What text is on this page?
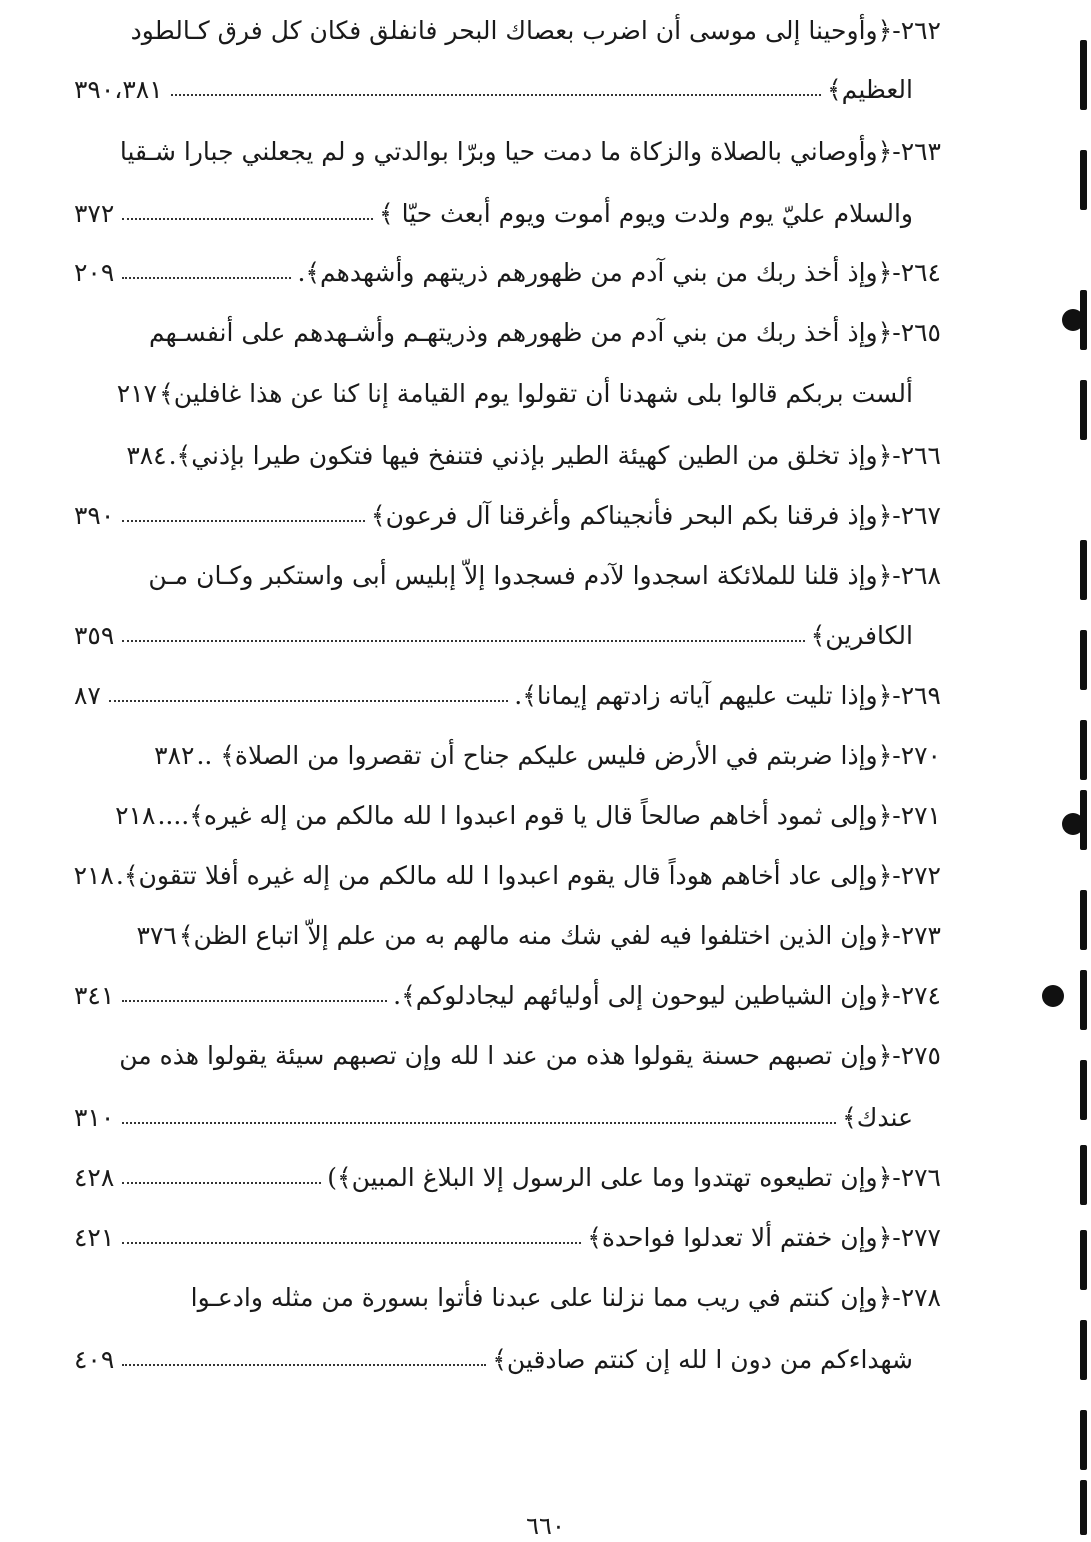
٢٦٢-﴿وأوحينا إلى موسى أن اضرب بعصاك البحر فانفلق فكان كل فرق كـالطود
العظيم﴾
٣٩٠،٣٨١
٢٦٣-﴿وأوصاني بالصلاة والزكاة ما دمت حيا وبرّا بوالدتي و لم يجعلني جبارا شـقيا
والسلام عليّ يوم ولدت ويوم أموت ويوم أبعث حيّا ﴾
٣٧٢
٢٦٤-﴿وإذ أخذ ربك من بني آدم من ظهورهم ذريتهم وأشهدهم﴾.
٢٠٩
٢٦٥-﴿وإذ أخذ ربك من بني آدم من ظهورهم وذريتهـم وأشـهدهم على أنفسـهم
ألست بربكم قالوا بلى شهدنا أن تقولوا يوم القيامة إنا كنا عن هذا غافلين﴾
٢١٧
٢٦٦-﴿وإذ تخلق من الطين كهيئة الطير بإذني فتنفخ فيها فتكون طيرا بإذني﴾.
٣٨٤
٢٦٧-﴿وإذ فرقنا بكم البحر فأنجيناكم وأغرقنا آل فرعون﴾
٣٩٠
٢٦٨-﴿وإذ قلنا للملائكة اسجدوا لآدم فسجدوا إلاّ إبليس أبى واستكبر وكـان مـن
الكافرين﴾
٣٥٩
٢٦٩-﴿وإذا تليت عليهم آياته زادتهم إيمانا﴾.
٨٧
٢٧٠-﴿وإذا ضربتم في الأرض فليس عليكم جناح أن تقصروا من الصلاة﴾ ..
٣٨٢
٢٧١-﴿وإلى ثمود أخاهم صالحاً قال يا قوم اعبدوا ا لله مالكم من إله غيره﴾....
٢١٨
٢٧٢-﴿وإلى عاد أخاهم هوداً قال يقوم اعبدوا ا لله مالكم من إله غيره أفلا تتقون﴾.
٢١٨
٢٧٣-﴿وإن الذين اختلفوا فيه لفي شك منه مالهم به من علم إلاّ اتباع الظن﴾
٣٧٦
٢٧٤-﴿وإن الشياطين ليوحون إلى أوليائهم ليجادلوكم﴾.
٣٤١
٢٧٥-﴿وإن تصبهم حسنة يقولوا هذه من عند ا لله وإن تصبهم سيئة يقولوا هذه من
عندك﴾
٣١٠
٢٧٦-﴿وإن تطيعوه تهتدوا وما على الرسول إلا البلاغ المبين﴾)
٤٢٨
٢٧٧-﴿وإن خفتم ألا تعدلوا فواحدة﴾
٤٢١
٢٧٨-﴿وإن كنتم في ريب مما نزلنا على عبدنا فأتوا بسورة من مثله وادعـوا
شهداءكم من دون ا لله إن كنتم صادقين﴾
٤٠٩
٦٦٠
